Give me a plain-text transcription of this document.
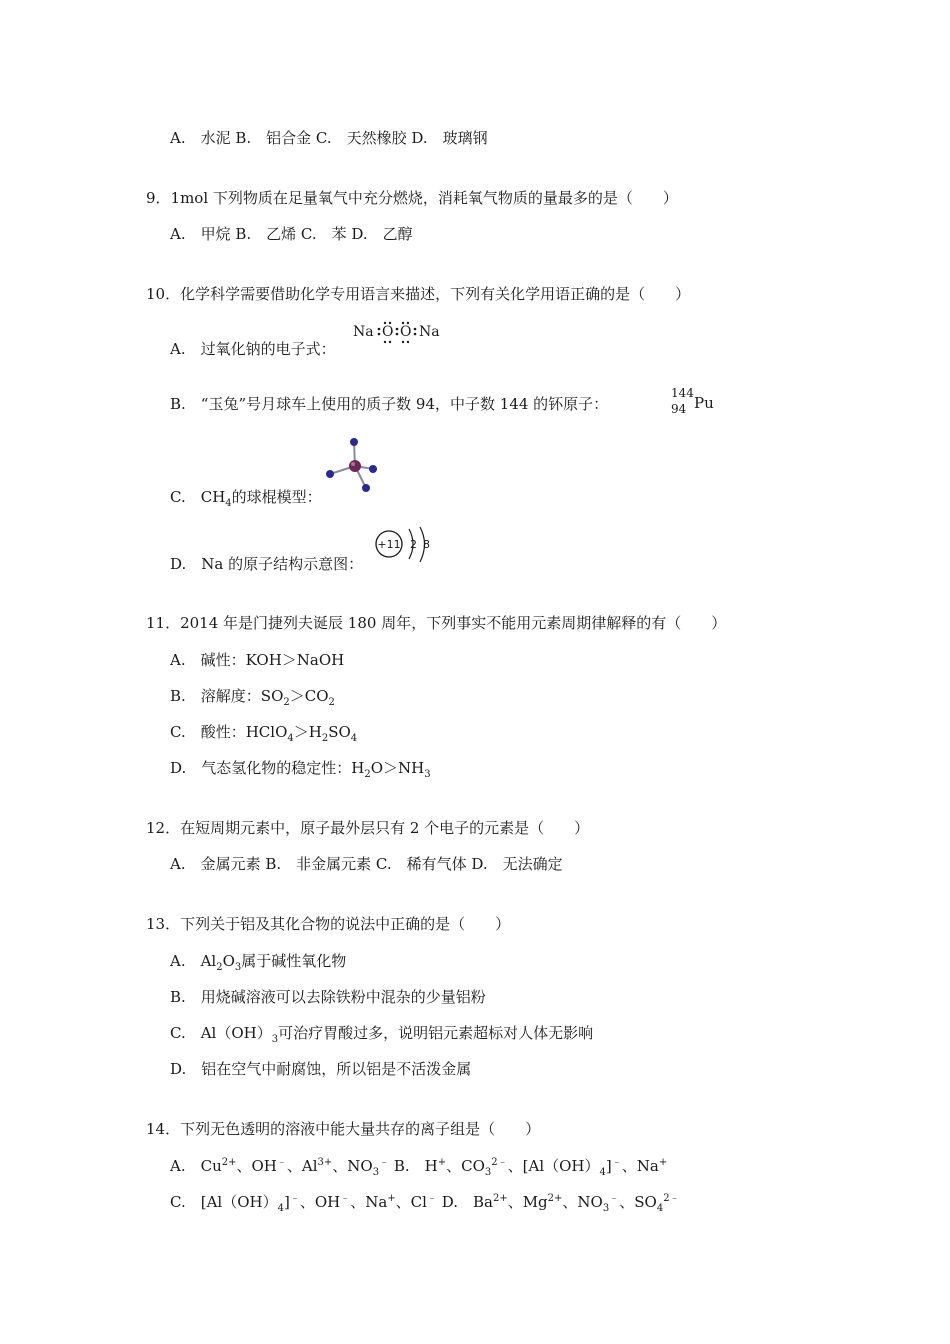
A.　水泥 B.　铝合金 C.　天然橡胶 D.　玻璃钢
9．1mol 下列物质在足量氧气中充分燃烧，消耗氧气物质的量最多的是（　　）
A.　甲烷 B.　乙烯 C.　苯 D.　乙醇
10．化学科学需要借助化学专用语言来描述，下列有关化学用语正确的是（　　）
A.　过氧化钠的电子式：
Na O O Na
B.　“玉兔”号月球车上使用的质子数 94，中子数 144 的钚原子：
144
94 Pu
C.　$CH_4$的球棍模型：
D.　Na 的原子结构示意图：
+11 2 8
11．2014 年是门捷列夫诞辰 180 周年，下列事实不能用元素周期律解释的有（　　）
A.　碱性：KOH＞NaOH
B.　溶解度：$SO_2>CO_2$
C.　酸性：$HClO_4>H_2SO_4$
D.　气态氢化物的稳定性：$H_2O>NH_3$
12．在短周期元素中，原子最外层只有 2 个电子的元素是（　　）
A.　金属元素 B.　非金属元素 C.　稀有气体 D.　无法确定
13．下列关于铝及其化合物的说法中正确的是（　　）
A.　$Al_2O_3$属于碱性氧化物
B.　用烧碱溶液可以去除铁粉中混杂的少量铝粉
C.　$Al(OH)_3$可治疗胃酸过多，说明铝元素超标对人体无影响
D.　铝在空气中耐腐蚀，所以铝是不活泼金属
14．下列无色透明的溶液中能大量共存的离子组是（　　）
A.　$Cu^{2+}$、OH﹣、$Al^{3+}$、$NO_3^﹣$ B.　H+、$CO_3^{2﹣}$、$[Al(OH)_4]^﹣$、Na+
C.　$[Al(OH)_4]^﹣$、OH﹣、Na+、Cl﹣ D.　$Ba^{2+}$、$Mg^{2+}$、$NO_3^﹣$、$SO_4^{2﹣}$
